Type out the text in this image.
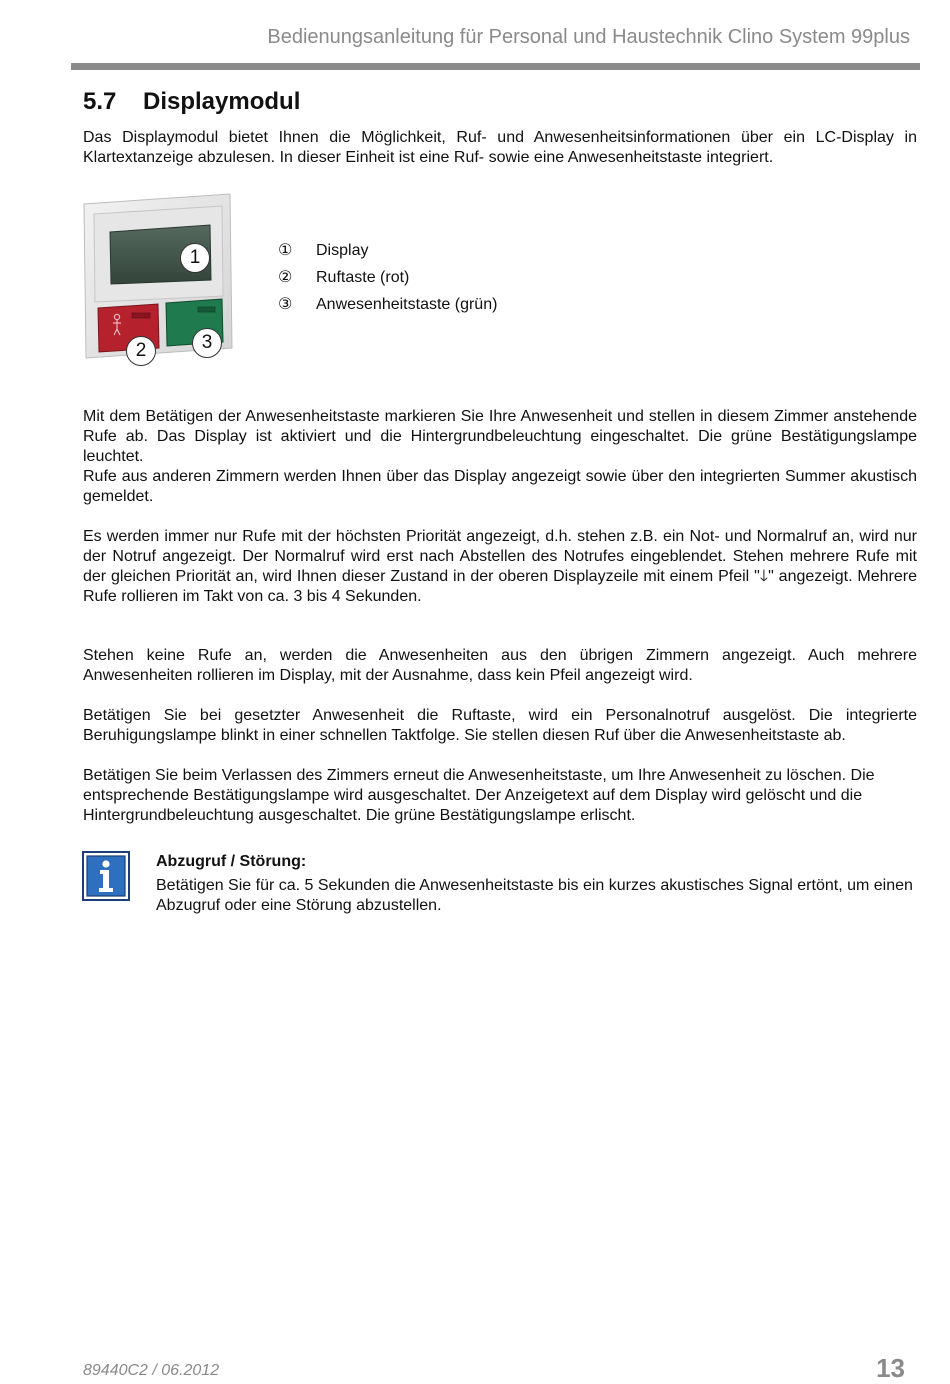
Bedienungsanleitung für Personal und Haustechnik Clino System 99plus
5.7 Displaymodul

Das Displaymodul bietet Ihnen die Möglichkeit, Ruf- und Anwesenheitsinformationen über ein LC-Display in Klartextanzeige abzulesen. In dieser Einheit ist eine Ruf- sowie eine Anwesenheitstaste integriert.

1
2	3
①	Display
②	Ruftaste (rot)
③	Anwesenheitstaste (grün)

Mit dem Betätigen der Anwesenheitstaste markieren Sie Ihre Anwesenheit und stellen in diesem Zimmer anstehende Rufe ab. Das Display ist aktiviert und die Hintergrundbeleuchtung eingeschaltet. Die grüne Bestätigungslampe leuchtet.

Rufe aus anderen Zimmern werden Ihnen über das Display angezeigt sowie über den integrierten Summer akustisch gemeldet.

Es werden immer nur Rufe mit der höchsten Priorität angezeigt, d.h. stehen z.B. ein Not- und Normalruf an, wird nur der Notruf angezeigt. Der Normalruf wird erst nach Abstellen des Notrufes eingeblendet. Stehen mehrere Rufe mit der gleichen Priorität an, wird Ihnen dieser Zustand in der oberen Displayzeile mit einem Pfeil "🡓" angezeigt. Mehrere Rufe rollieren im Takt von ca. 3 bis 4 Sekunden.

Stehen keine Rufe an, werden die Anwesenheiten aus den übrigen Zimmern angezeigt. Auch mehrere Anwesenheiten rollieren im Display, mit der Ausnahme, dass kein Pfeil angezeigt wird.

Betätigen Sie bei gesetzter Anwesenheit die Ruftaste, wird ein Personalnotruf ausgelöst. Die integrierte Beruhigungslampe blinkt in einer schnellen Taktfolge. Sie stellen diesen Ruf über die Anwesenheitstaste ab.

Betätigen Sie beim Verlassen des Zimmers erneut die Anwesenheitstaste, um Ihre Anwesenheit zu löschen. Die entsprechende Bestätigungslampe wird ausgeschaltet. Der Anzeigetext auf dem Display wird gelöscht und die Hintergrundbeleuchtung ausgeschaltet. Die grüne Bestätigungslampe erlischt.

Abzugruf / Störung:

Betätigen Sie für ca. 5 Sekunden die Anwesenheitstaste bis ein kurzes akustisches Signal ertönt, um einen Abzugruf oder eine Störung abzustellen.

89440C2 / 06.2012	13
